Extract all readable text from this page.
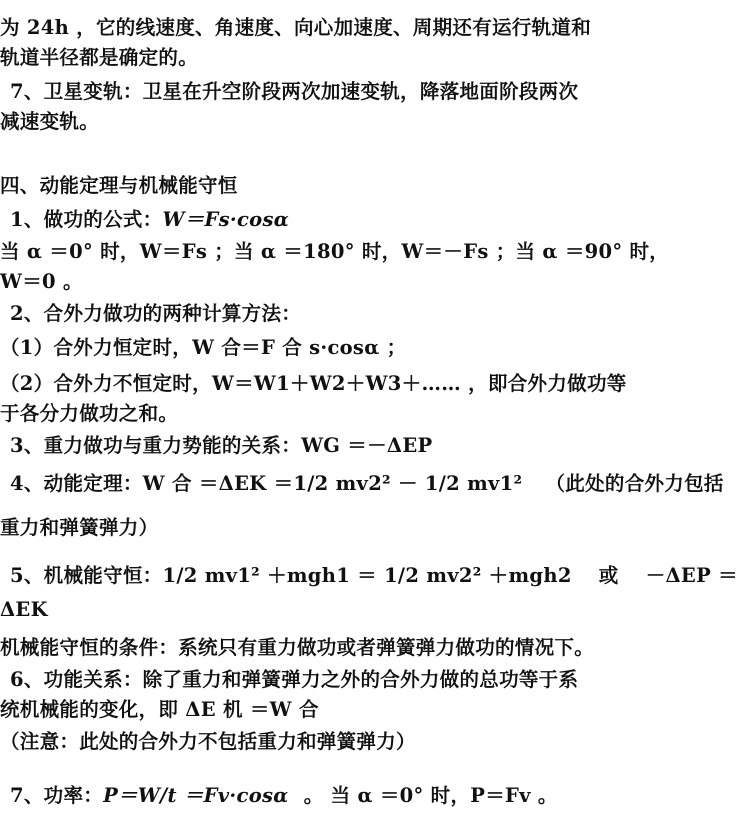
为 24h ，它的线速度、角速度、向心加速度、周期还有运行轨道和
轨道半径都是确定的。
7、卫星变轨：卫星在升空阶段两次加速变轨，降落地面阶段两次
减速变轨。
四、动能定理与机械能守恒
1、做功的公式：W＝Fs·cosα
当 α ＝0° 时，W＝Fs ；当 α ＝180° 时，W＝－Fs ；当 α ＝90° 时，
W＝0 。
2、合外力做功的两种计算方法：
（1）合外力恒定时，W 合＝F 合 s·cosα ；
（2）合外力不恒定时，W＝W1＋W2＋W3＋…… ，即合外力做功等
于各分力做功之和。
3、重力做功与重力势能的关系：WG ＝－ΔEP
4、动能定理：W 合 ＝ΔEK ＝1/2 mv2² － 1/2 mv1² （此处的合外力包括
重力和弹簧弹力）
5、机械能守恒：1/2 mv1² ＋mgh1 ＝ 1/2 mv2² ＋mgh2 或 －ΔEP ＝
ΔEK
机械能守恒的条件：系统只有重力做功或者弹簧弹力做功的情况下。
6、功能关系：除了重力和弹簧弹力之外的合外力做的总功等于系
统机械能的变化，即 ΔE 机 ＝W 合
（注意：此处的合外力不包括重力和弹簧弹力）
7、功率：P＝W/t ＝Fv·cosα 。 当 α ＝0° 时，P＝Fv 。
